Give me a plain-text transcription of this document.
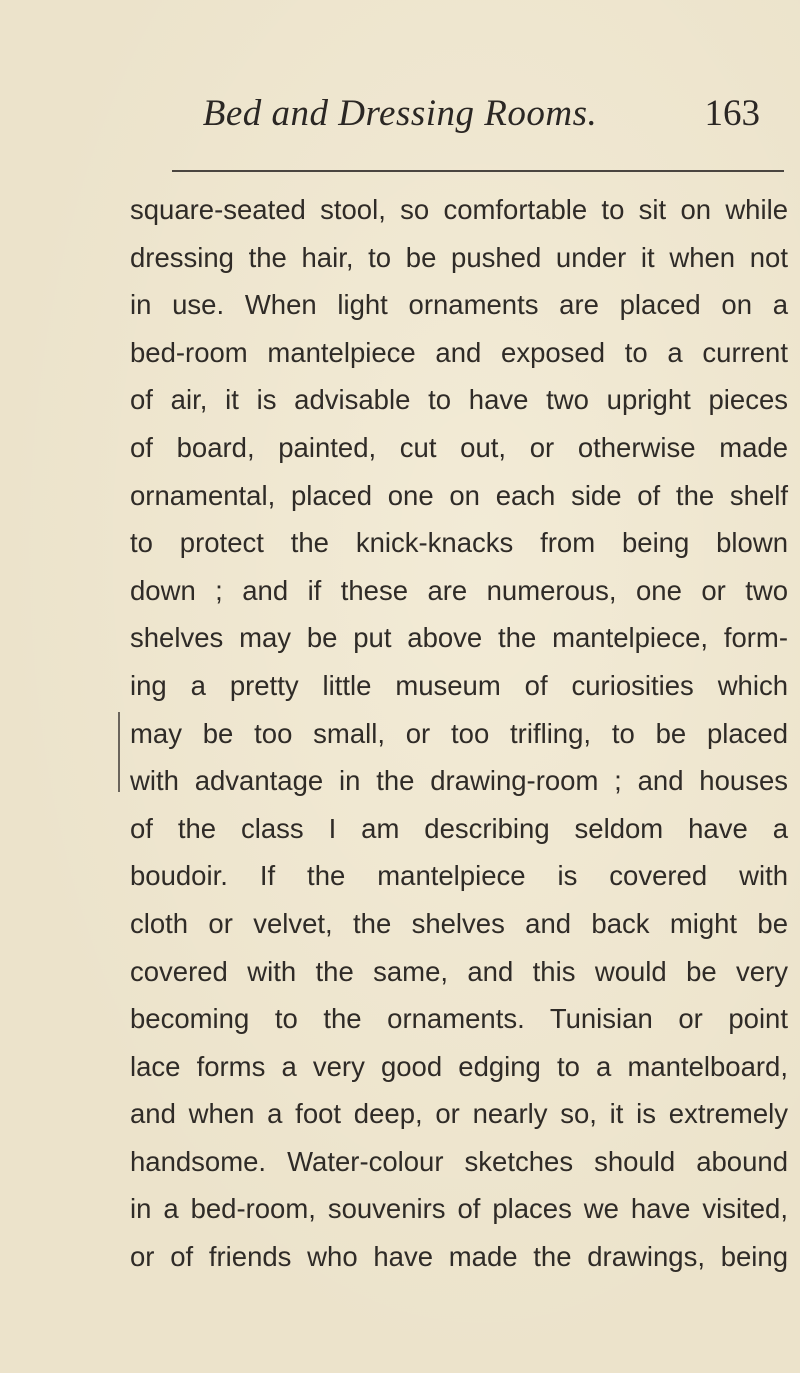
Bed and Dressing Rooms.	163
square-seated stool, so comfortable to sit on while
dressing the hair, to be pushed under it when not
in use. When light ornaments are placed on a
bed-room mantelpiece and exposed to a current
of air, it is advisable to have two upright pieces
of board, painted, cut out, or otherwise made
ornamental, placed one on each side of the shelf
to protect the knick-knacks from being blown
down ; and if these are numerous, one or two
shelves may be put above the mantelpiece, form-
ing a pretty little museum of curiosities which
may be too small, or too trifling, to be placed
with advantage in the drawing-room ; and houses
of the class I am describing seldom have a
boudoir. If the mantelpiece is covered with
cloth or velvet, the shelves and back might be
covered with the same, and this would be very
becoming to the ornaments. Tunisian or point
lace forms a very good edging to a mantelboard,
and when a foot deep, or nearly so, it is extremely
handsome. Water-colour sketches should abound
in a bed-room, souvenirs of places we have visited,
or of friends who have made the drawings, being
